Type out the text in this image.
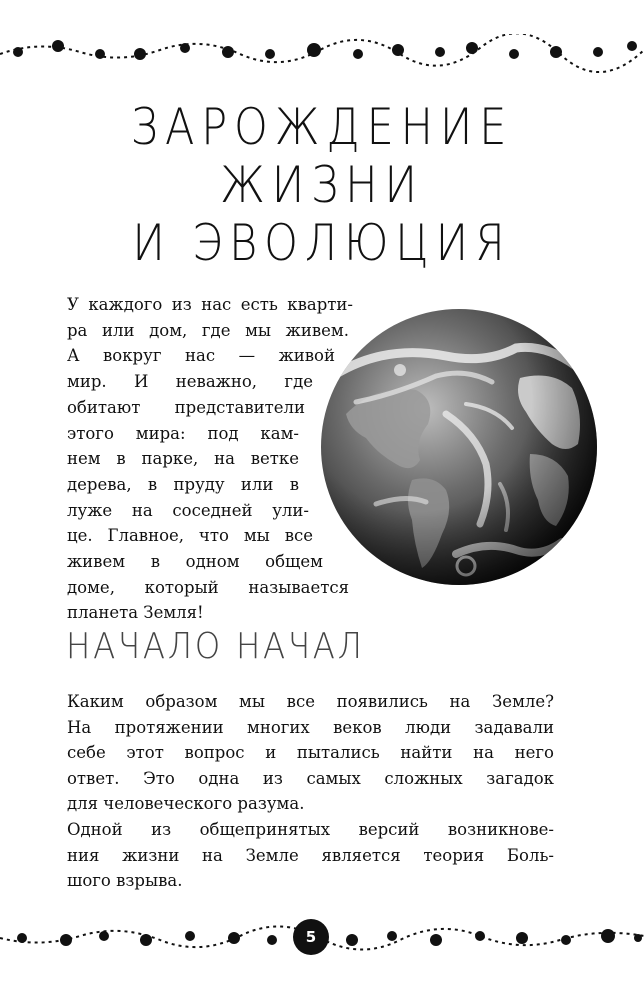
ЗАРОЖДЕНИЕ
ЖИЗНИ
И ЭВОЛЮЦИЯ
У каждого из нас есть кварти-
ра или дом, где мы живем.
А вокруг нас — живой
мир. И неважно, где
обитают представители
этого мира: под кам-
нем в парке, на ветке
дерева, в пруду или в
луже на соседней ули-
це. Главное, что мы все
живем в одном общем
доме, который называется
планета Земля!
НАЧАЛО НАЧАЛ
Каким образом мы все появились на Земле?
На протяжении многих веков люди задавали
себе этот вопрос и пытались найти на него
ответ. Это одна из самых сложных загадок
для человеческого разума.
Одной из общепринятых версий возникнове-
ния жизни на Земле является теория Боль-
шого взрыва.
5
